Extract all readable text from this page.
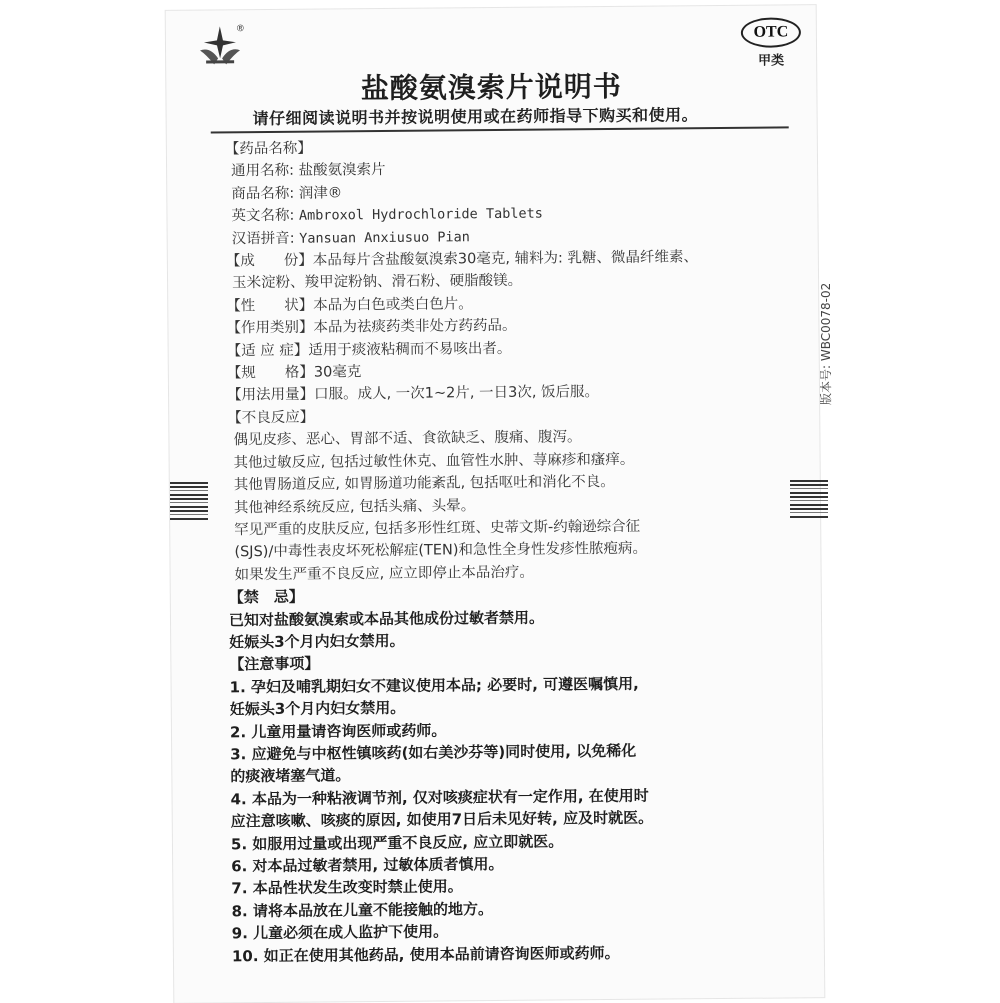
®	OTC
甲类
盐酸氨溴索片说明书
请仔细阅读说明书并按说明使用或在药师指导下购买和使用。
【药品名称】
通用名称: 盐酸氨溴索片
商品名称: 润津®
英文名称: Ambroxol Hydrochloride Tablets
汉语拼音: Yansuan Anxiusuo Pian
【成　　份】本品每片含盐酸氨溴索30毫克, 辅料为: 乳糖、微晶纤维素、
玉米淀粉、羧甲淀粉钠、滑石粉、硬脂酸镁。
【性　　状】本品为白色或类白色片。
【作用类别】本品为祛痰药类非处方药药品。
【适 应 症】适用于痰液粘稠而不易咳出者。
【规　　格】30毫克
【用法用量】口服。成人, 一次1~2片, 一日3次, 饭后服。
【不良反应】
偶见皮疹、恶心、胃部不适、食欲缺乏、腹痛、腹泻。
其他过敏反应, 包括过敏性休克、血管性水肿、荨麻疹和瘙痒。
其他胃肠道反应, 如胃肠道功能紊乱, 包括呕吐和消化不良。
其他神经系统反应, 包括头痛、头晕。
罕见严重的皮肤反应, 包括多形性红斑、史蒂文斯-约翰逊综合征
(SJS)/中毒性表皮坏死松解症(TEN)和急性全身性发疹性脓疱病。
如果发生严重不良反应, 应立即停止本品治疗。
【禁　忌】
已知对盐酸氨溴索或本品其他成份过敏者禁用。
妊娠头3个月内妇女禁用。
【注意事项】
1. 孕妇及哺乳期妇女不建议使用本品; 必要时, 可遵医嘱慎用,
妊娠头3个月内妇女禁用。
2. 儿童用量请咨询医师或药师。
3. 应避免与中枢性镇咳药(如右美沙芬等)同时使用, 以免稀化
的痰液堵塞气道。
4. 本品为一种粘液调节剂, 仅对咳痰症状有一定作用, 在使用时
应注意咳嗽、咳痰的原因, 如使用7日后未见好转, 应及时就医。
5. 如服用过量或出现严重不良反应, 应立即就医。
6. 对本品过敏者禁用, 过敏体质者慎用。
7. 本品性状发生改变时禁止使用。
8. 请将本品放在儿童不能接触的地方。
9. 儿童必须在成人监护下使用。
10. 如正在使用其他药品, 使用本品前请咨询医师或药师。
版本号: WBC0078-02
